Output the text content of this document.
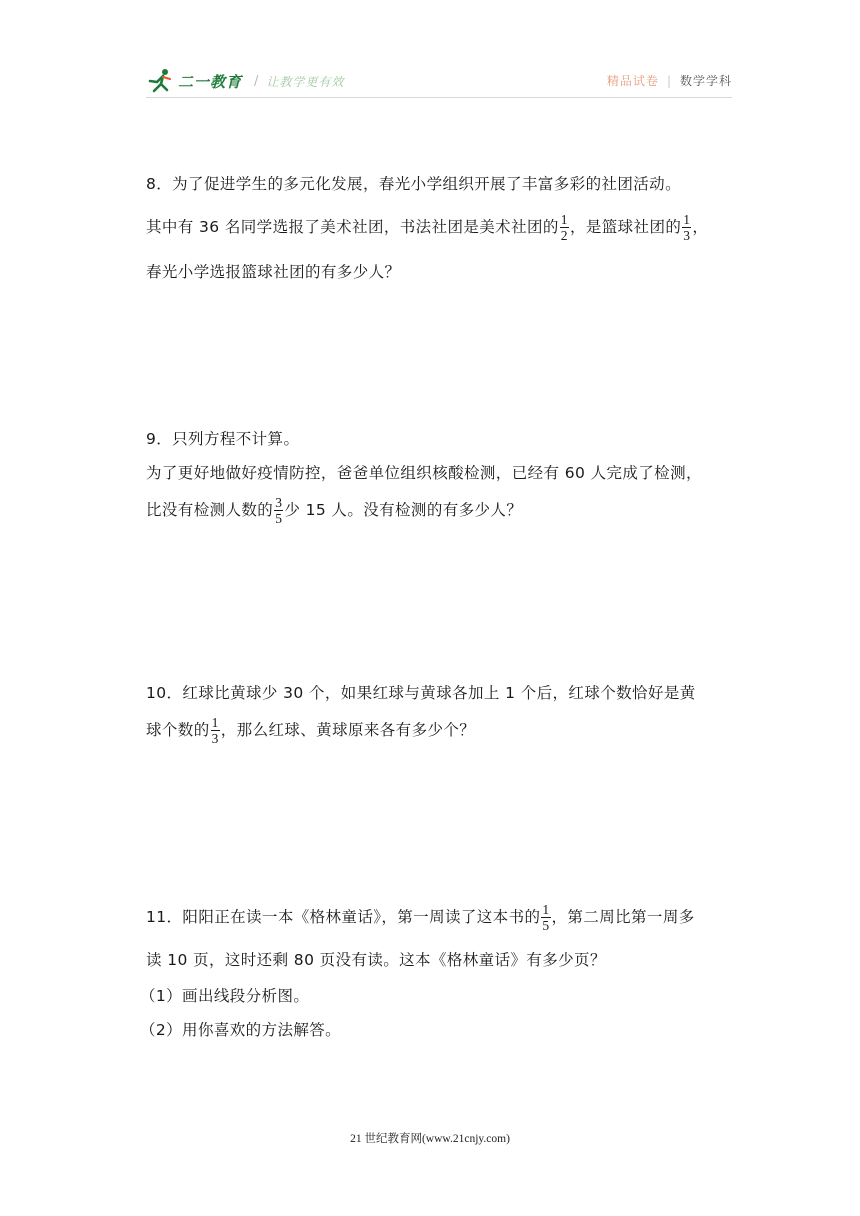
二一教育 / 让教学更有效	精品试卷 | 数学学科
8．为了促进学生的多元化发展，春光小学组织开展了丰富多彩的社团活动。
其中有 36 名同学选报了美术社团，书法社团是美术社团的 $\frac{1}{2}$ ，是篮球社团的 $\frac{1}{3}$ ，
春光小学选报篮球社团的有多少人？
9．只列方程不计算。
为了更好地做好疫情防控，爸爸单位组织核酸检测，已经有 60 人完成了检测，
比没有检测人数的 $\frac{3}{5}$ 少 15 人。没有检测的有多少人？
10．红球比黄球少 30 个，如果红球与黄球各加上 1 个后，红球个数恰好是黄
球个数的 $\frac{1}{3}$ ，那么红球、黄球原来各有多少个？
11．阳阳正在读一本《格林童话》，第一周读了这本书的 $\frac{1}{5}$ ，第二周比第一周多
读 10 页，这时还剩 80 页没有读。这本《格林童话》有多少页？
（1）画出线段分析图。
（2）用你喜欢的方法解答。
21 世纪教育网(www.21cnjy.com)
